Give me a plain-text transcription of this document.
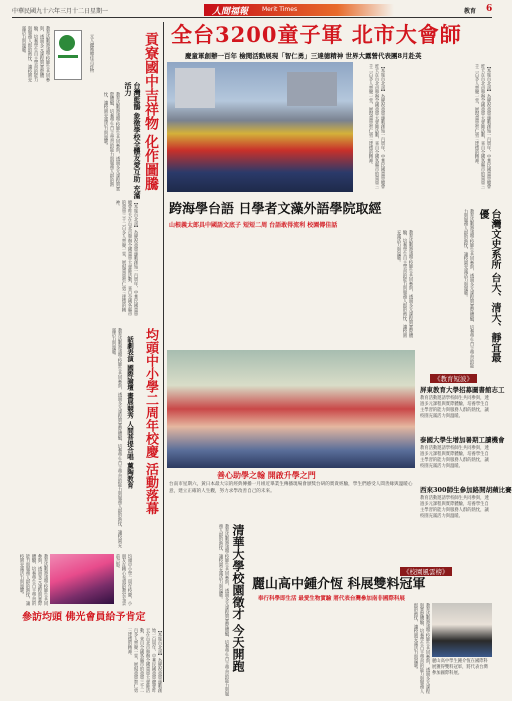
中華民國九十六年三月十二日星期一	人間福報 Merit Times	教育 6
元人總獲總佳吉祥物
教育活動邀請學校師生共同參與，透過多元課程與實際體驗，培養學生自主學習的能力與服務人群的熱忱，讓校園充滿活力與溫暖。	貢寮國中吉祥物 化作圖騰
台灣藍鵲 象徵學校全體友愛互助 充滿活力
教育活動邀請學校師生共同參與，透過多元課程與實際體驗，培養學生自主學習的能力與服務人群的熱忱，讓校園充滿活力與溫暖。
【本報台北訊】為慶祝童軍運動創始一百周年，中華民國童軍總會昨天在台北市舉辦全國童軍大會師活動，來自全國各縣市的童軍三千二百多人齊聚一堂，展現童軍智仁勇三達德的精神。
全台3200童子軍 北市大會師
慶童軍創辦一百年 檢閱活動展現「智仁勇」三達德精神 世界大露營代表團8月赴英
【本報台北訊】為慶祝童軍運動創始一百周年，中華民國童軍總會昨天在台北市舉辦全國童軍大會師活動，來自全國各縣市的童軍三千二百多人齊聚一堂，展現童軍智仁勇三達德的精神。	【本報台北訊】為慶祝童軍運動創始一百周年，中華民國童軍總會昨天在台北市舉辦全國童軍大會師活動，來自全國各縣市的童軍三千二百多人齊聚一堂，展現童軍智仁勇三達德的精神。
跨海學台語 日學者文藻外語學院取經
山根義太郎具中國語文底子 短短二周 台語敢得流利 校園傳佳話
教育活動邀請學校師生共同參與，透過多元課程與實際體驗，培養學生自主學習的能力與服務人群的熱忱，讓校園充滿活力與溫暖。	台灣文史系所 台大、清大、靜宜最優
教育活動邀請學校師生共同參與，透過多元課程與實際體驗，培養學生自主學習的能力與服務人群的熱忱，讓校園充滿活力與溫暖。
《教育短波》
屏東教育大學招募圖書館志工
教育活動邀請學校師生共同參與，透過多元課程與實際體驗，培養學生自主學習的能力與服務人群的熱忱，讓校園充滿活力與溫暖。
泰國大學生增加暑期工讀機會
教育活動邀請學校師生共同參與，透過多元課程與實際體驗，培養學生自主學習的能力與服務人群的熱忱，讓校園充滿活力與溫暖。
西來300師生參加路開胡蘋比賽
教育活動邀請學校師生共同參與，透過多元課程與實際體驗，培養學生自主學習的能力與服務人群的熱忱，讓校園充滿活力與溫暖。
均頭中小學二周年校慶 活動落幕
話劇表演 國際論壇 畫展競秀 人間菩提合唱 薰陶教育
教育活動邀請學校師生共同參與，透過多元課程與實際體驗，培養學生自主學習的能力與服務人群的熱忱，讓校園充滿活力與溫暖。
善心助學之翰 開啟升學之門
台南市星期六，黃日本最大宗的經典傳播一月組近畢業生傳播現場會頒獎台研的實貴經驗，學生們感受人間善緣與溫暖心意，建立正確的人生觀，努力求學改善自己的未來。
《校園風雲榜》
麗山高中鍾介恆 科展雙料冠軍
奉行科學即生活 最愛生物實驗 將代表台灣參加南非國際科展
教育活動邀請學校師生共同參與，透過多元課程與實際體驗，培養學生自主學習的能力與服務人群的熱忱，讓校園充滿活力與溫暖。	麗山高中學生鍾介恆在國際科展獲得雙料冠軍，將代表台灣參加國際科展。
清華大學校園徵才 今天開跑
教育活動邀請學校師生共同參與，透過多元課程與實際體驗，培養學生自主學習的能力與服務人群的熱忱，讓校園充滿活力與溫暖。
均頭中小學二周年校慶，小朋友在精心布置的教室布景前合影。
教育活動邀請學校師生共同參與，透過多元課程與實際體驗，培養學生自主學習的能力與服務人群的熱忱，讓校園充滿活力與溫暖。
參訪均頭 佛光會員給予肯定
【本報台北訊】為慶祝童軍運動創始一百周年，中華民國童軍總會昨天在台北市舉辦全國童軍大會師活動，來自全國各縣市的童軍三千二百多人齊聚一堂，展現童軍智仁勇三達德的精神。
